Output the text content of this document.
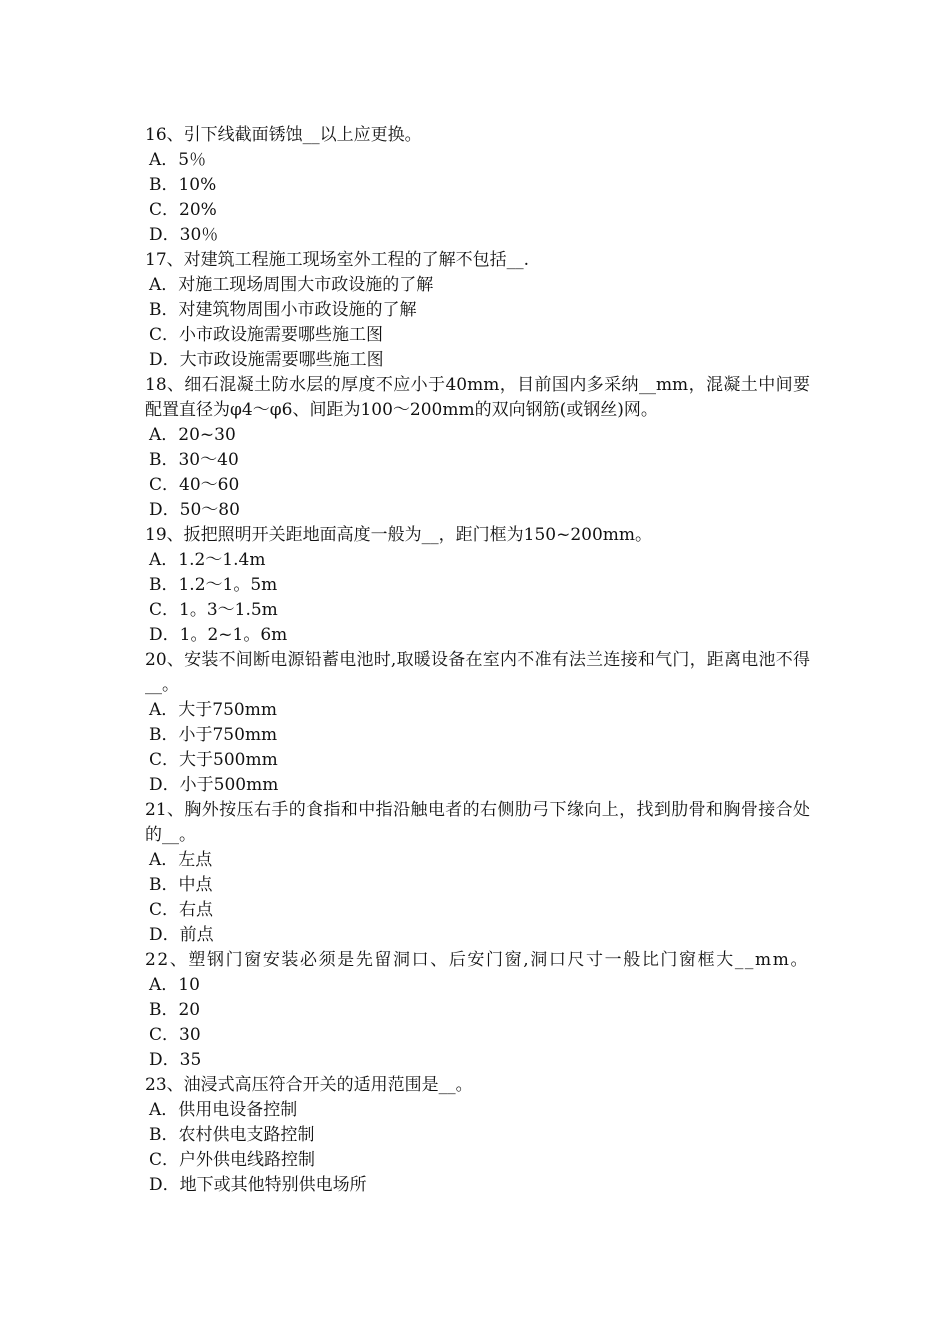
16、引下线截面锈蚀__以上应更换。
A．5％
B．10%
C．20%
D．30％
17、对建筑工程施工现场室外工程的了解不包括__.
A．对施工现场周围大市政设施的了解
B．对建筑物周围小市政设施的了解
C．小市政设施需要哪些施工图
D．大市政设施需要哪些施工图
18、细石混凝土防水层的厚度不应小于40mm，目前国内多采纳__mm，混凝土中间要配置直径为φ4～φ6、间距为100～200mm的双向钢筋(或钢丝)网。
A．20~30
B．30～40
C．40～60
D．50～80
19、扳把照明开关距地面高度一般为__，距门框为150~200mm。
A．1.2～1.4m
B．1.2～1。5m
C．1。3～1.5m
D．1。2~1。6m
20、安装不间断电源铅蓄电池时,取暖设备在室内不准有法兰连接和气门，距离电池不得__。
A．大于750mm
B．小于750mm
C．大于500mm
D．小于500mm
21、胸外按压右手的食指和中指沿触电者的右侧肋弓下缘向上，找到肋骨和胸骨接合处的__。
A．左点
B．中点
C．右点
D．前点
22、塑钢门窗安装必须是先留洞口、后安门窗,洞口尺寸一般比门窗框大__mm。
A．10
B．20
C．30
D．35
23、油浸式高压符合开关的适用范围是__。
A．供用电设备控制
B．农村供电支路控制
C．户外供电线路控制
D．地下或其他特别供电场所
